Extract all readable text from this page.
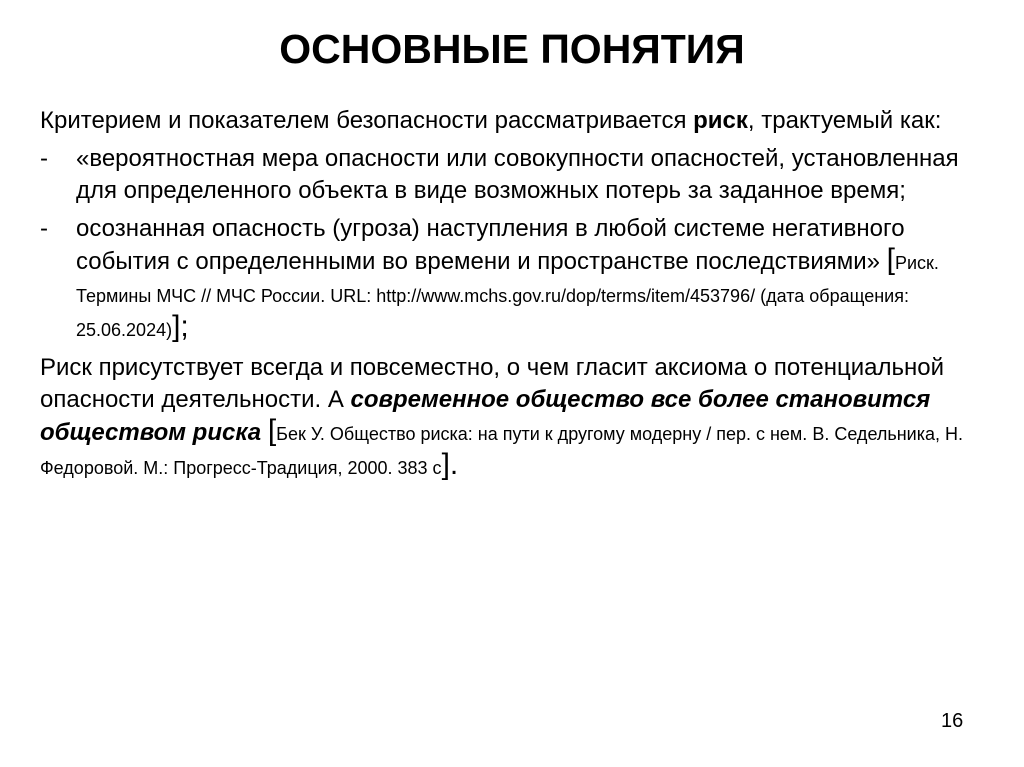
ОСНОВНЫЕ ПОНЯТИЯ

Критерием и показателем безопасности рассматривается риск, трактуемый как:

- «вероятностная мера опасности или совокупности опасностей, установленная для определенного объекта в виде возможных потерь за заданное время;
- осознанная опасность (угроза) наступления в любой системе негативного события с определенными во времени и пространстве последствиями» [Риск. Термины МЧС // МЧС России. URL: http://www.mchs.gov.ru/dop/terms/item/453796/ (дата обращения: 25.06.2024)];

Риск присутствует всегда и повсеместно, о чем гласит аксиома о потенциальной опасности деятельности. А современное общество все более становится обществом риска [Бек У. Общество риска: на пути к другому модерну / пер. с нем. В. Седельника, Н. Федоровой. М.: Прогресс-Традиция, 2000. 383 с].

16
